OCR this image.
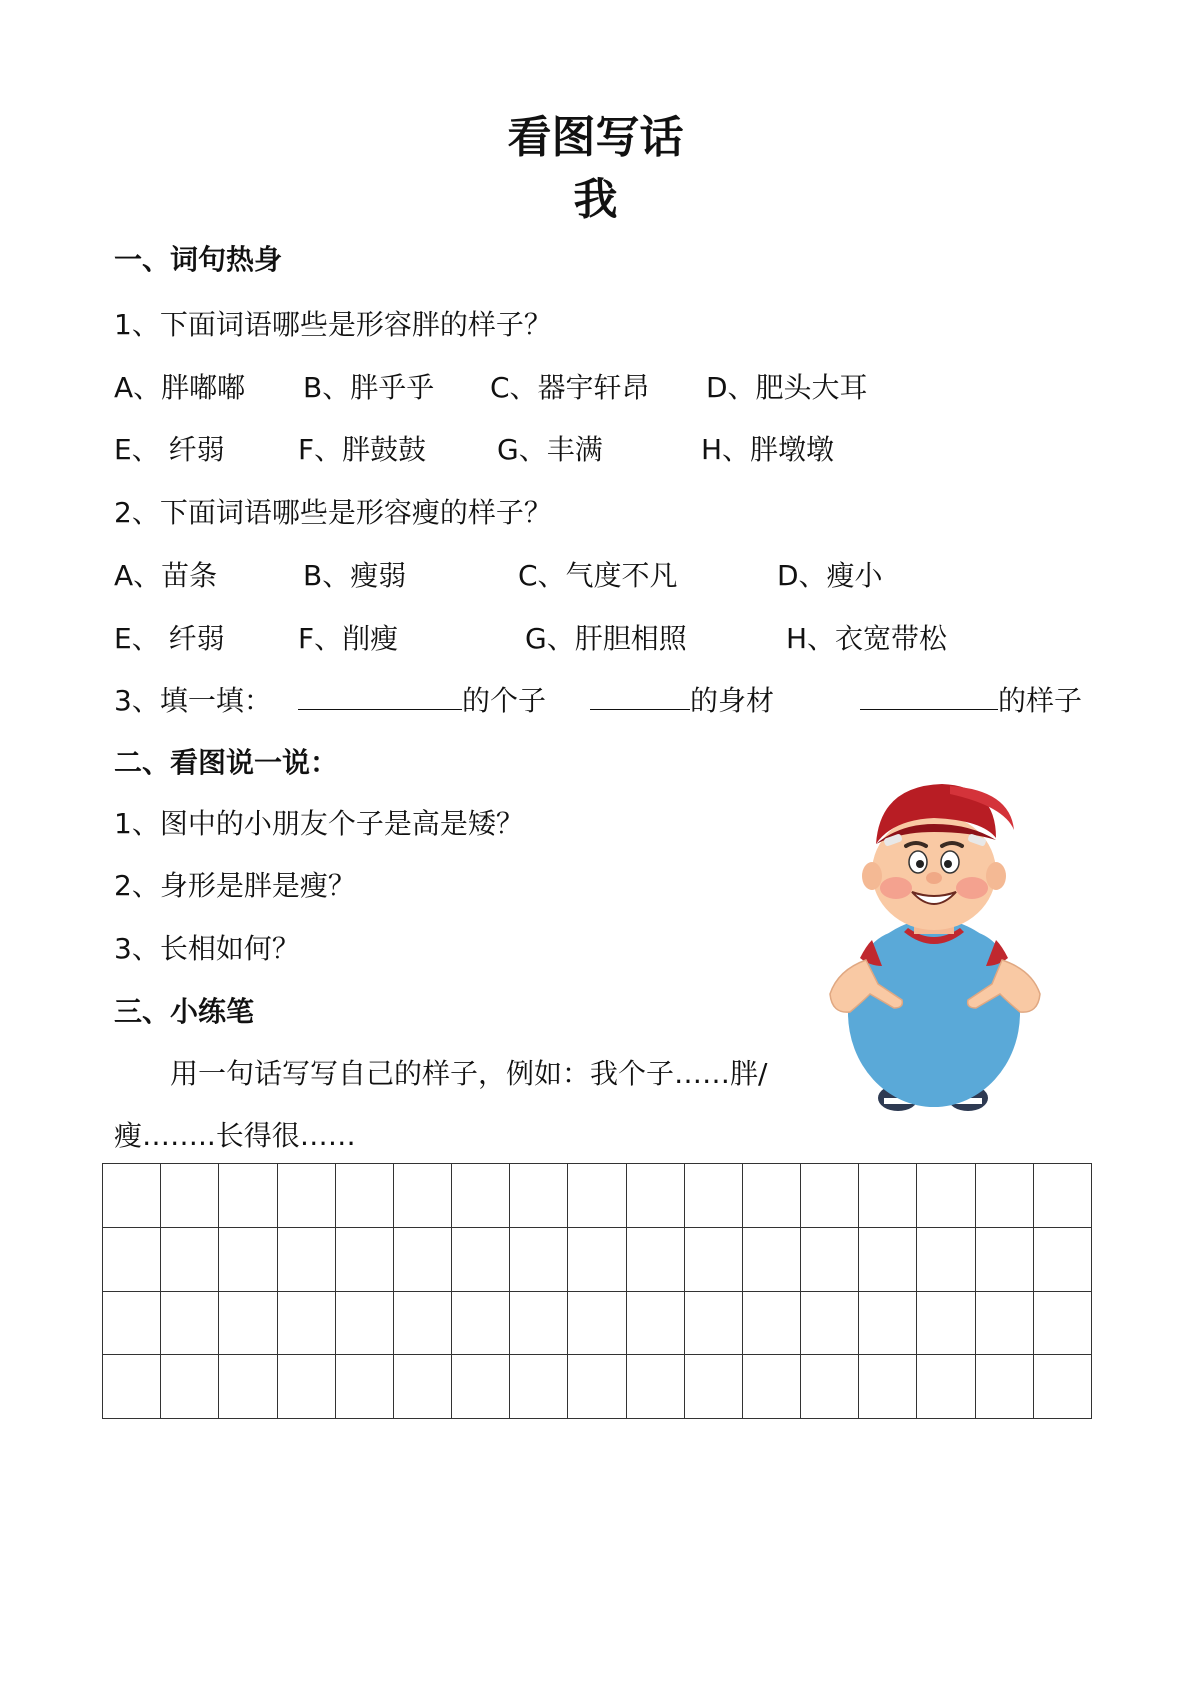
看图写话
我
一、词句热身
1、下面词语哪些是形容胖的样子？
A、胖嘟嘟 B、胖乎乎 C、器宇轩昂 D、肥头大耳
E、 纤弱	F、胖鼓鼓	G、丰满	H、胖墩墩
2、下面词语哪些是形容瘦的样子？
A、苗条	B、瘦弱	C、气度不凡	D、瘦小
E、 纤弱	F、削瘦	G、肝胆相照	H、衣宽带松
3、填一填：	的个子	的身材	的样子
二、看图说一说：
1、图中的小朋友个子是高是矮？
2、身形是胖是瘦？
3、长相如何？
三、小练笔
用一句话写写自己的样子，例如：我个子……胖/
瘦……..长得很……
